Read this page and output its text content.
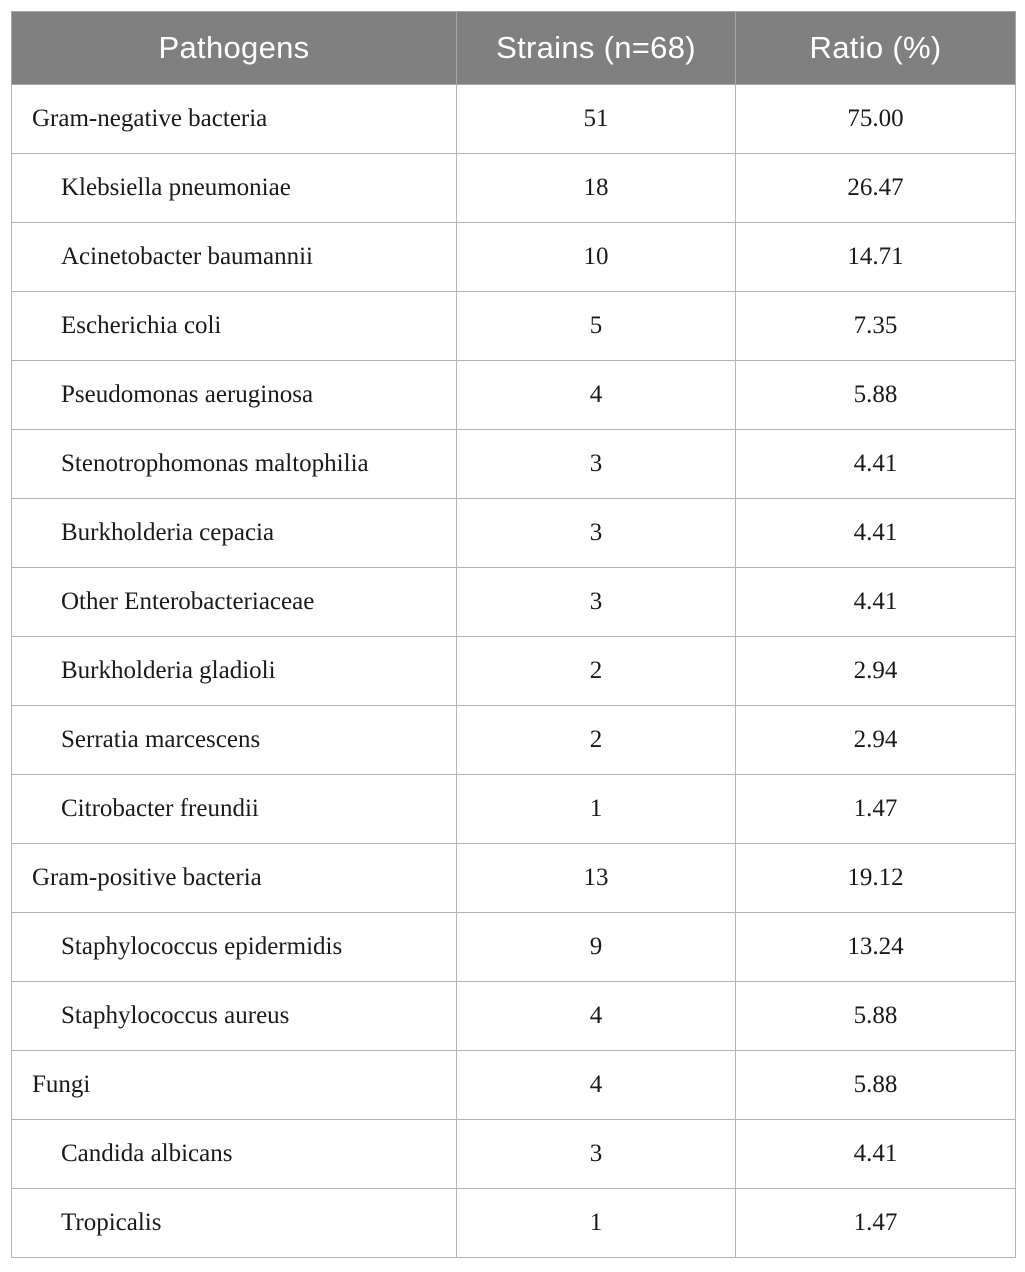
Pathogens	Strains (n=68)	Ratio (%)
Gram-negative bacteria	51	75.00
Klebsiella pneumoniae	18	26.47
Acinetobacter baumannii	10	14.71
Escherichia coli	5	7.35
Pseudomonas aeruginosa	4	5.88
Stenotrophomonas maltophilia	3	4.41
Burkholderia cepacia	3	4.41
Other Enterobacteriaceae	3	4.41
Burkholderia gladioli	2	2.94
Serratia marcescens	2	2.94
Citrobacter freundii	1	1.47
Gram-positive bacteria	13	19.12
Staphylococcus epidermidis	9	13.24
Staphylococcus aureus	4	5.88
Fungi	4	5.88
Candida albicans	3	4.41
Tropicalis	1	1.47
